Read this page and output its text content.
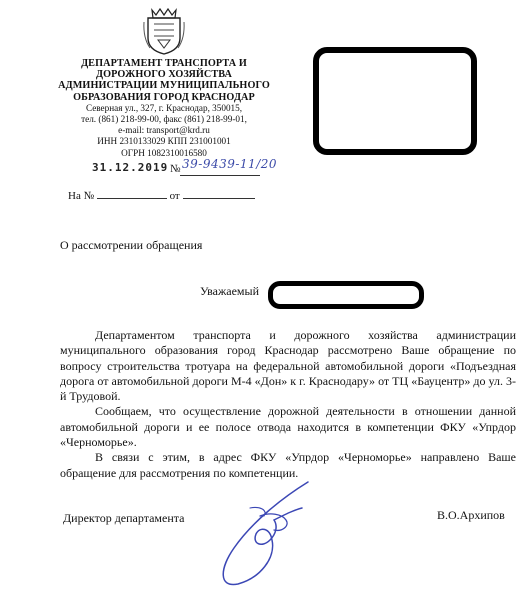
ДЕПАРТАМЕНТ ТРАНСПОРТА И
ДОРОЖНОГО ХОЗЯЙСТВА
АДМИНИСТРАЦИИ МУНИЦИПАЛЬНОГО
ОБРАЗОВАНИЯ ГОРОД КРАСНОДАР
Северная ул., 327, г. Краснодар, 350015,
тел. (861) 218-99-00, факс (861) 218-99-01,
e-mail: transport@krd.ru
ИНН 2310133029 КПП 231001001
ОГРН 1082310016580
31.12.2019 № 39-9439-11/20
На №	от
О рассмотрении обращения
Уважаемый

Департаментом транспорта и дорожного хозяйства администрации муниципального образования город Краснодар рассмотрено Ваше обращение по вопросу строительства тротуара на федеральной автомобильной дороги «Подъездная дорога от автомобильной дороги М-4 «Дон» к г. Краснодару» от ТЦ «Бауцентр» до ул. 3-й Трудовой.

Сообщаем, что осуществление дорожной деятельности в отношении данной автомобильной дороги и ее полосе отвода находится в компетенции ФКУ «Упрдор «Черноморье».

В связи с этим, в адрес ФКУ «Упрдор «Черноморье» направлено Ваше обращение для рассмотрения по компетенции.

Директор департамента	В.О.Архипов
